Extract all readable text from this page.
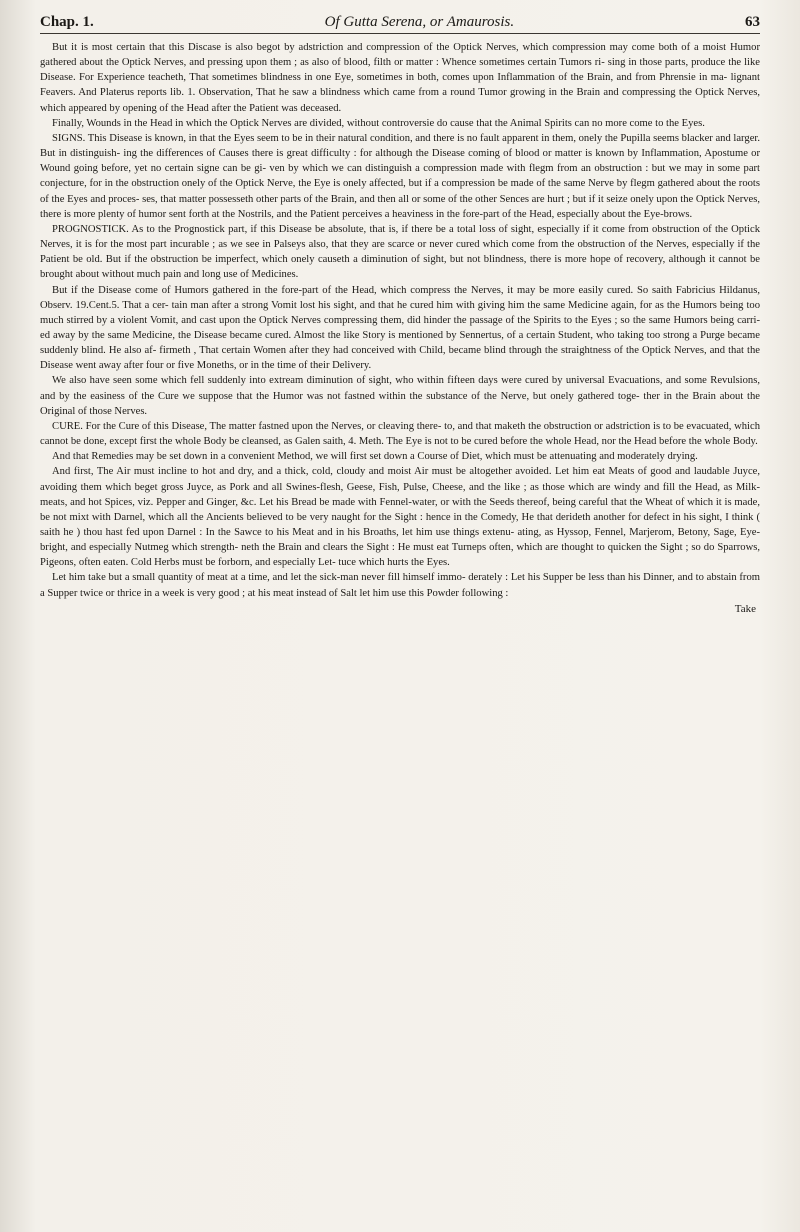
Chap. 1.	Of Gutta Serena, or Amaurosis.	63

But it is most certain that this Discase is also begot by adstriction and compression of the Optick Nerves, which compression may come both of a moist Humor gathered about the Optick Nerves, and pressing upon them ; as also of blood, filth or matter : Whence sometimes certain Tumors ri- sing in those parts, produce the like Disease. For Experience teacheth, That sometimes blindness in one Eye, sometimes in both, comes upon Inflammation of the Brain, and from Phrensie in ma- lignant Feavers. And Platerus reports lib. 1. Observation, That he saw a blindness which came from a round Tumor growing in the Brain and compressing the Optick Nerves, which appeared by opening of the Head after the Patient was deceased.

Finally, Wounds in the Head in which the Optick Nerves are divided, without controversie do cause that the Animal Spirits can no more come to the Eyes.

SIGNS. This Disease is known, in that the Eyes seem to be in their natural condition, and there is no fault apparent in them, onely the Pupilla seems blacker and larger. But in distinguish- ing the differences of Causes there is great difficulty : for although the Disease coming of blood or matter is known by Inflammation, Apostume or Wound going before, yet no certain signe can be gi- ven by which we can distinguish a compression made with flegm from an obstruction : but we may in some part conjecture, for in the obstruction onely of the Optick Nerve, the Eye is onely affected, but if a compression be made of the same Nerve by flegm gathered about the roots of the Eyes and proces- ses, that matter possesseth other parts of the Brain, and then all or some of the other Sences are hurt ; but if it seize onely upon the Optick Nerves, there is more plenty of humor sent forth at the Nostrils, and the Patient perceives a heaviness in the fore-part of the Head, especially about the Eye-brows.

PROGNOSTICK. As to the Prognostick part, if this Disease be absolute, that is, if there be a total loss of sight, especially if it come from obstruction of the Optick Nerves, it is for the most part incurable ; as we see in Palseys also, that they are scarce or never cured which come from the obstruction of the Nerves, especially if the Patient be old. But if the obstruction be imperfect, which onely causeth a diminution of sight, but not blindness, there is more hope of recovery, although it cannot be brought about without much pain and long use of Medicines.

But if the Disease come of Humors gathered in the fore-part of the Head, which compress the Nerves, it may be more easily cured. So saith Fabricius Hildanus, Observ. 19.Cent.5. That a cer- tain man after a strong Vomit lost his sight, and that he cured him with giving him the same Medicine again, for as the Humors being too much stirred by a violent Vomit, and cast upon the Optick Nerves compressing them, did hinder the passage of the Spirits to the Eyes ; so the same Humors being carri- ed away by the same Medicine, the Disease became cured. Almost the like Story is mentioned by Sennertus, of a certain Student, who taking too strong a Purge became suddenly blind. He also af- firmeth , That certain Women after they had conceived with Child, became blind through the straightness of the Optick Nerves, and that the Disease went away after four or five Moneths, or in the time of their Delivery.

We also have seen some which fell suddenly into extream diminution of sight, who within fifteen days were cured by universal Evacuations, and some Revulsions, and by the easiness of the Cure we suppose that the Humor was not fastned within the substance of the Nerve, but onely gathered toge- ther in the Brain about the Original of those Nerves.

CURE. For the Cure of this Disease, The matter fastned upon the Nerves, or cleaving there- to, and that maketh the obstruction or adstriction is to be evacuated, which cannot be done, except first the whole Body be cleansed, as Galen saith, 4. Meth. The Eye is not to be cured before the whole Head, nor the Head before the whole Body.

And that Remedies may be set down in a convenient Method, we will first set down a Course of Diet, which must be attenuating and moderately drying.

And first, The Air must incline to hot and dry, and a thick, cold, cloudy and moist Air must be altogether avoided. Let him eat Meats of good and laudable Juyce, avoiding them which beget gross Juyce, as Pork and all Swines-flesh, Geese, Fish, Pulse, Cheese, and the like ; as those which are windy and fill the Head, as Milk-meats, and hot Spices, viz. Pepper and Ginger, &c. Let his Bread be made with Fennel-water, or with the Seeds thereof, being careful that the Wheat of which it is made, be not mixt with Darnel, which all the Ancients believed to be very naught for the Sight : hence in the Comedy, He that derideth another for defect in his sight, I think ( saith he ) thou hast fed upon Darnel : In the Sawce to his Meat and in his Broaths, let him use things extenu- ating, as Hyssop, Fennel, Marjerom, Betony, Sage, Eye-bright, and especially Nutmeg which strength- neth the Brain and clears the Sight : He must eat Turneps often, which are thought to quicken the Sight ; so do Sparrows, Pigeons, often eaten. Cold Herbs must be forborn, and especially Let- tuce which hurts the Eyes.

Let him take but a small quantity of meat at a time, and let the sick-man never fill himself immo- derately : Let his Supper be less than his Dinner, and to abstain from a Supper twice or thrice in a week is very good ; at his meat instead of Salt let him use this Powder following :

Take
